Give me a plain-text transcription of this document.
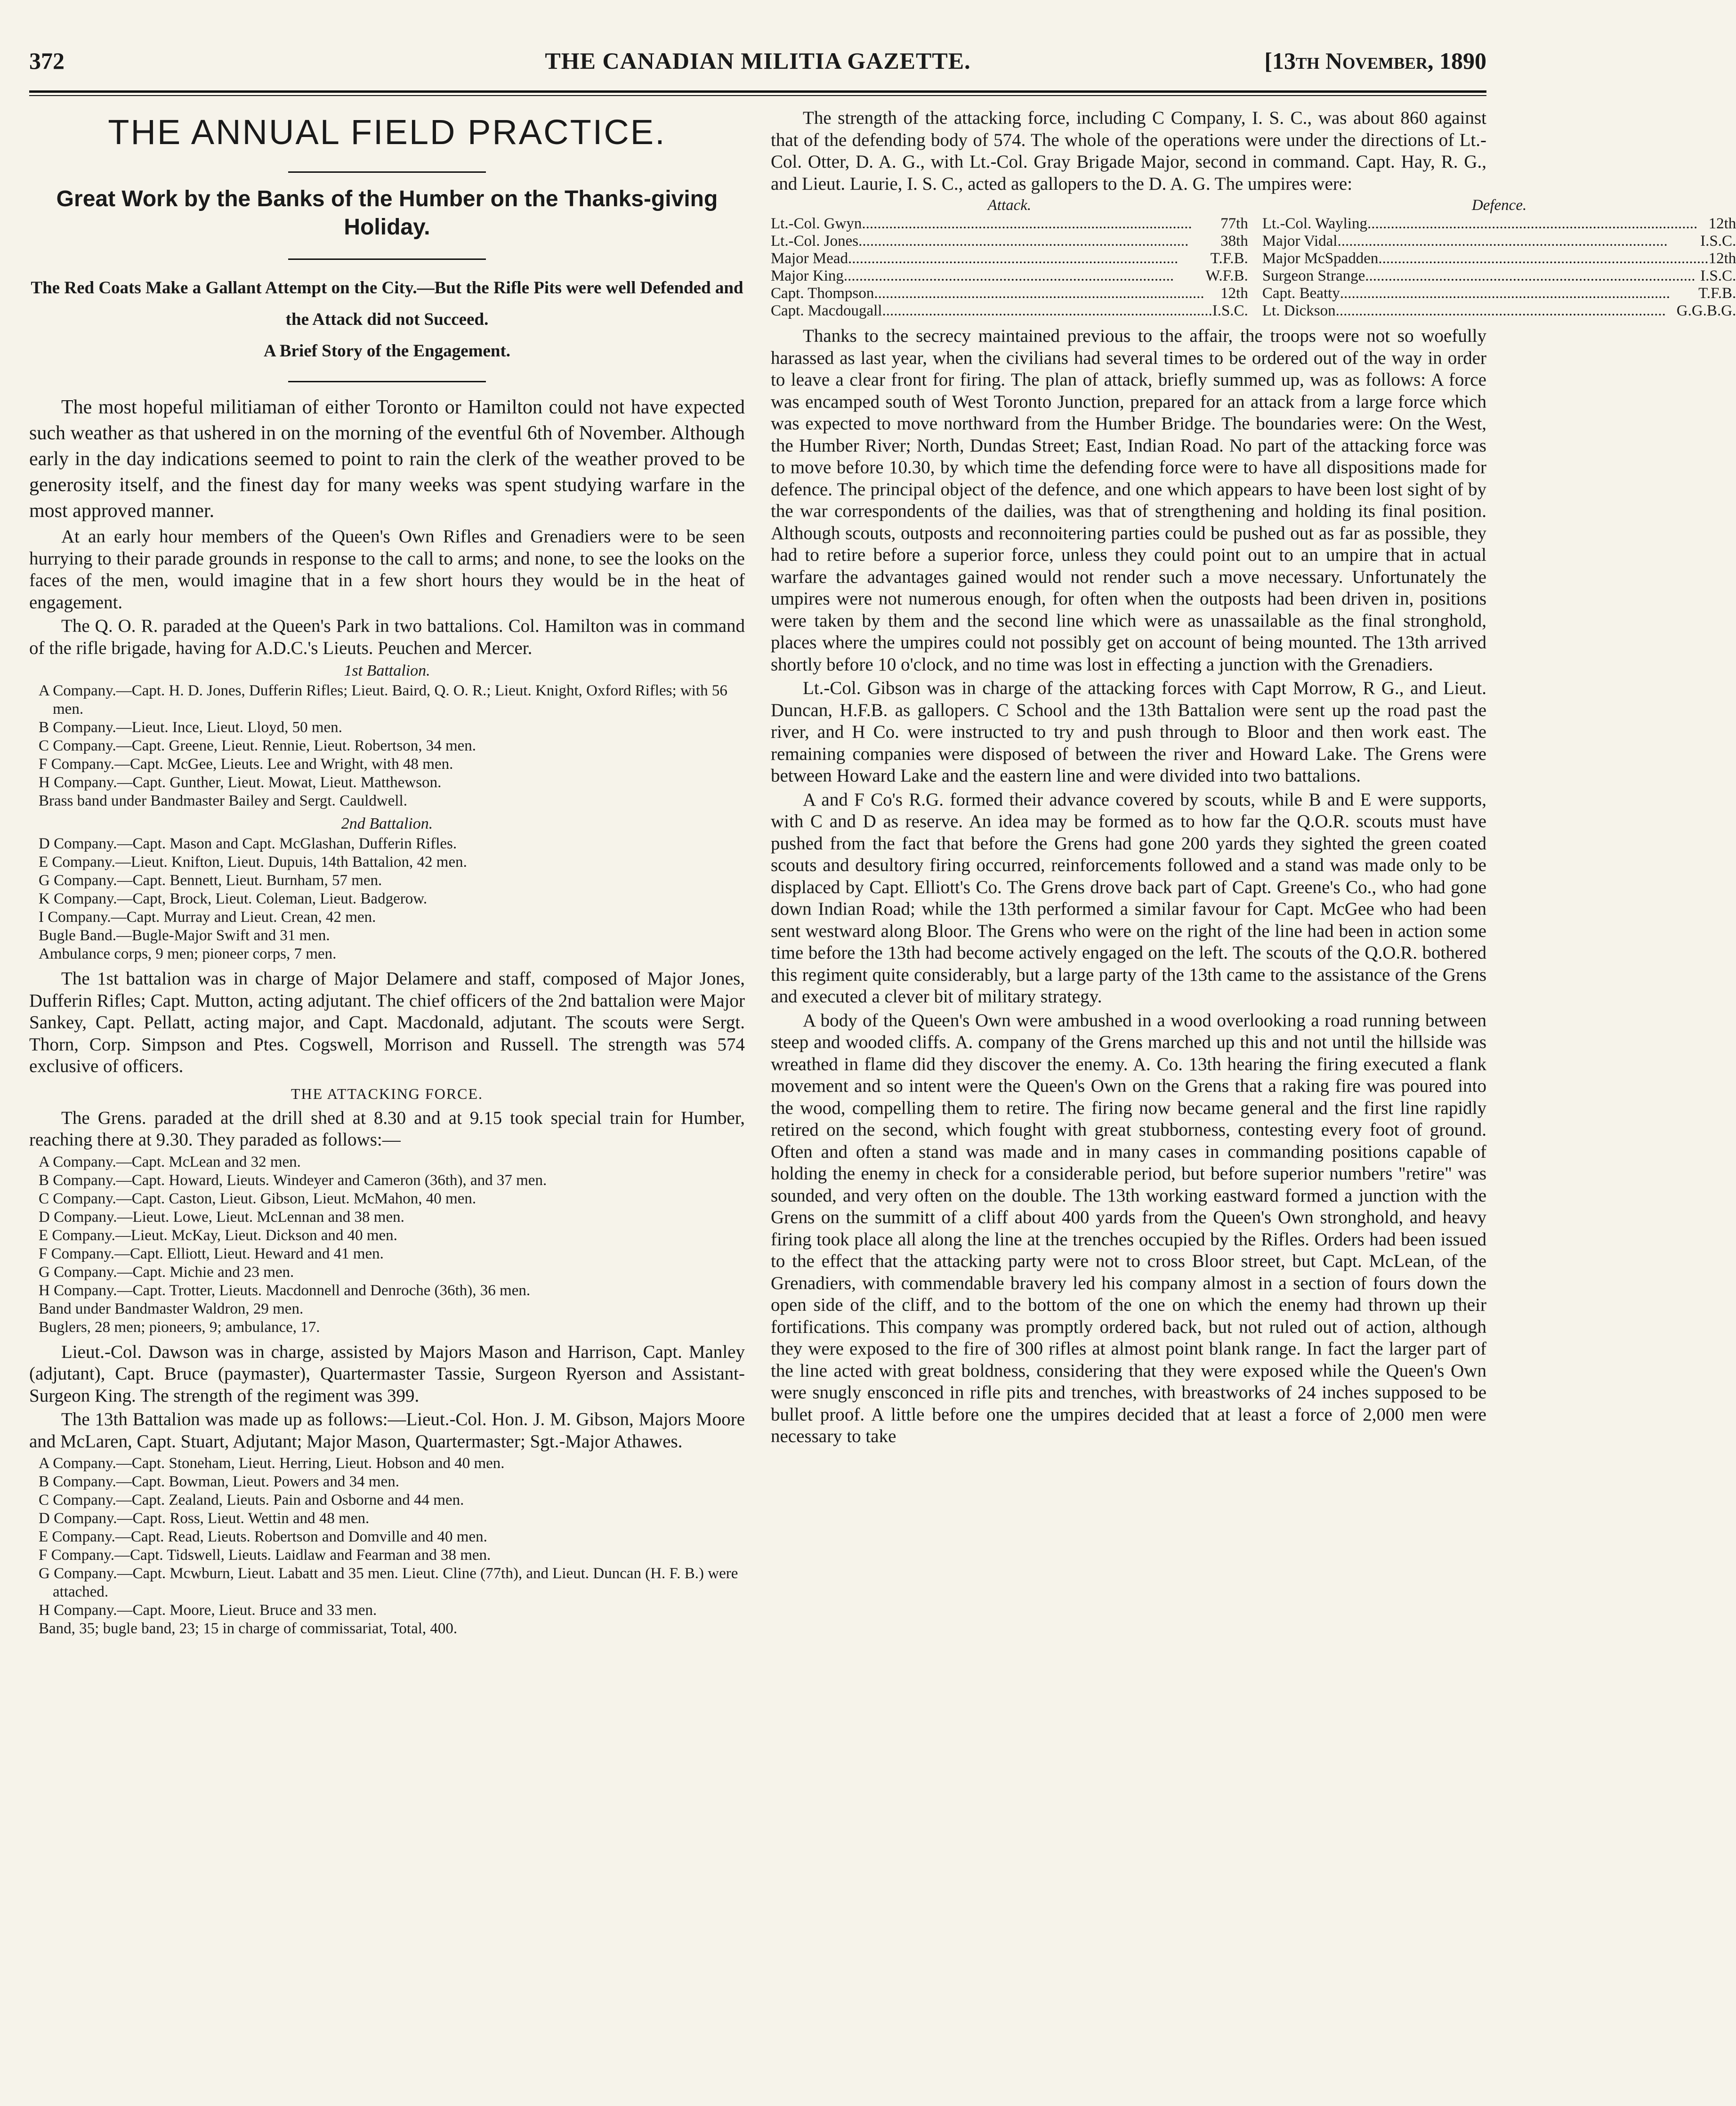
372	THE CANADIAN MILITIA GAZETTE.	[13th November, 1890
THE ANNUAL FIELD PRACTICE.
Great Work by the Banks of the Humber on the Thanks-giving Holiday.
The Red Coats Make a Gallant Attempt on the City.—But the Rifle Pits were well Defended and the Attack did not Succeed.
A Brief Story of the Engagement.

The most hopeful militiaman of either Toronto or Hamilton could not have expected such weather as that ushered in on the morning of the eventful 6th of November. Although early in the day indications seemed to point to rain the clerk of the weather proved to be generosity itself, and the finest day for many weeks was spent studying warfare in the most approved manner.

At an early hour members of the Queen's Own Rifles and Grenadiers were to be seen hurrying to their parade grounds in response to the call to arms; and none, to see the looks on the faces of the men, would imagine that in a few short hours they would be in the heat of engagement.

The Q. O. R. paraded at the Queen's Park in two battalions. Col. Hamilton was in command of the rifle brigade, having for A.D.C.'s Lieuts. Peuchen and Mercer.

1st Battalion.
A Company.—Capt. H. D. Jones, Dufferin Rifles; Lieut. Baird, Q. O. R.; Lieut. Knight, Oxford Rifles; with 56 men.
B Company.—Lieut. Ince, Lieut. Lloyd, 50 men.
C Company.—Capt. Greene, Lieut. Rennie, Lieut. Robertson, 34 men.
F Company.—Capt. McGee, Lieuts. Lee and Wright, with 48 men.
H Company.—Capt. Gunther, Lieut. Mowat, Lieut. Matthewson.
Brass band under Bandmaster Bailey and Sergt. Cauldwell.
2nd Battalion.
D Company.—Capt. Mason and Capt. McGlashan, Dufferin Rifles.
E Company.—Lieut. Knifton, Lieut. Dupuis, 14th Battalion, 42 men.
G Company.—Capt. Bennett, Lieut. Burnham, 57 men.
K Company.—Capt, Brock, Lieut. Coleman, Lieut. Badgerow.
I Company.—Capt. Murray and Lieut. Crean, 42 men.
Bugle Band.—Bugle-Major Swift and 31 men.
Ambulance corps, 9 men; pioneer corps, 7 men.

The 1st battalion was in charge of Major Delamere and staff, composed of Major Jones, Dufferin Rifles; Capt. Mutton, acting adjutant. The chief officers of the 2nd battalion were Major Sankey, Capt. Pellatt, acting major, and Capt. Macdonald, adjutant. The scouts were Sergt. Thorn, Corp. Simpson and Ptes. Cogswell, Morrison and Russell. The strength was 574 exclusive of officers.

THE ATTACKING FORCE.

The Grens. paraded at the drill shed at 8.30 and at 9.15 took special train for Humber, reaching there at 9.30. They paraded as follows:—

A Company.—Capt. McLean and 32 men.
B Company.—Capt. Howard, Lieuts. Windeyer and Cameron (36th), and 37 men.
C Company.—Capt. Caston, Lieut. Gibson, Lieut. McMahon, 40 men.
D Company.—Lieut. Lowe, Lieut. McLennan and 38 men.
E Company.—Lieut. McKay, Lieut. Dickson and 40 men.
F Company.—Capt. Elliott, Lieut. Heward and 41 men.
G Company.—Capt. Michie and 23 men.
H Company.—Capt. Trotter, Lieuts. Macdonnell and Denroche (36th), 36 men.
Band under Bandmaster Waldron, 29 men.
Buglers, 28 men; pioneers, 9; ambulance, 17.

Lieut.-Col. Dawson was in charge, assisted by Majors Mason and Harrison, Capt. Manley (adjutant), Capt. Bruce (paymaster), Quartermaster Tassie, Surgeon Ryerson and Assistant-Surgeon King. The strength of the regiment was 399.

The 13th Battalion was made up as follows:—Lieut.-Col. Hon. J. M. Gibson, Majors Moore and McLaren, Capt. Stuart, Adjutant; Major Mason, Quartermaster; Sgt.-Major Athawes.

A Company.—Capt. Stoneham, Lieut. Herring, Lieut. Hobson and 40 men.
B Company.—Capt. Bowman, Lieut. Powers and 34 men.
C Company.—Capt. Zealand, Lieuts. Pain and Osborne and 44 men.
D Company.—Capt. Ross, Lieut. Wettin and 48 men.
E Company.—Capt. Read, Lieuts. Robertson and Domville and 40 men.
F Company.—Capt. Tidswell, Lieuts. Laidlaw and Fearman and 38 men.
G Company.—Capt. Mcwburn, Lieut. Labatt and 35 men. Lieut. Cline (77th), and Lieut. Duncan (H. F. B.) were attached.
H Company.—Capt. Moore, Lieut. Bruce and 33 men.
Band, 35; bugle band, 23; 15 in charge of commissariat, Total, 400.

The strength of the attacking force, including C Company, I. S. C., was about 860 against that of the defending body of 574. The whole of the operations were under the directions of Lt.-Col. Otter, D. A. G., with Lt.-Col. Gray Brigade Major, second in command. Capt. Hay, R. G., and Lieut. Laurie, I. S. C., acted as gallopers to the D. A. G. The umpires were:

Attack.
Lt.-Col. Gwyn .....	77th
Lt.-Col. Jones .....	38th
Major Mead .....	T.F.B.
Major King .....	W.F.B.
Capt. Thompson .....	12th
Capt. Macdougall .....	I.S.C.
Defence.
Lt.-Col. Wayling .....	12th
Major Vidal .....	I.S.C.
Major McSpadden .....	12th
Surgeon Strange .....	I.S.C.
Capt. Beatty .....	T.F.B.
Lt. Dickson .....	G.G.B.G.

Thanks to the secrecy maintained previous to the affair, the troops were not so woefully harassed as last year, when the civilians had several times to be ordered out of the way in order to leave a clear front for firing. The plan of attack, briefly summed up, was as follows: A force was encamped south of West Toronto Junction, prepared for an attack from a large force which was expected to move northward from the Humber Bridge. The boundaries were: On the West, the Humber River; North, Dundas Street; East, Indian Road. No part of the attacking force was to move before 10.30, by which time the defending force were to have all dispositions made for defence. The principal object of the defence, and one which appears to have been lost sight of by the war correspondents of the dailies, was that of strengthening and holding its final position. Although scouts, outposts and reconnoitering parties could be pushed out as far as possible, they had to retire before a superior force, unless they could point out to an umpire that in actual warfare the advantages gained would not render such a move necessary. Unfortunately the umpires were not numerous enough, for often when the outposts had been driven in, positions were taken by them and the second line which were as unassailable as the final stronghold, places where the umpires could not possibly get on account of being mounted. The 13th arrived shortly before 10 o'clock, and no time was lost in effecting a junction with the Grenadiers.

Lt.-Col. Gibson was in charge of the attacking forces with Capt Morrow, R G., and Lieut. Duncan, H.F.B. as gallopers. C School and the 13th Battalion were sent up the road past the river, and H Co. were instructed to try and push through to Bloor and then work east. The remaining companies were disposed of between the river and Howard Lake. The Grens were between Howard Lake and the eastern line and were divided into two battalions.

A and F Co's R.G. formed their advance covered by scouts, while B and E were supports, with C and D as reserve. An idea may be formed as to how far the Q.O.R. scouts must have pushed from the fact that before the Grens had gone 200 yards they sighted the green coated scouts and desultory firing occurred, reinforcements followed and a stand was made only to be displaced by Capt. Elliott's Co. The Grens drove back part of Capt. Greene's Co., who had gone down Indian Road; while the 13th performed a similar favour for Capt. McGee who had been sent westward along Bloor. The Grens who were on the right of the line had been in action some time before the 13th had become actively engaged on the left. The scouts of the Q.O.R. bothered this regiment quite considerably, but a large party of the 13th came to the assistance of the Grens and executed a clever bit of military strategy.

A body of the Queen's Own were ambushed in a wood overlooking a road running between steep and wooded cliffs. A. company of the Grens marched up this and not until the hillside was wreathed in flame did they discover the enemy. A. Co. 13th hearing the firing executed a flank movement and so intent were the Queen's Own on the Grens that a raking fire was poured into the wood, compelling them to retire. The firing now became general and the first line rapidly retired on the second, which fought with great stubborness, contesting every foot of ground. Often and often a stand was made and in many cases in commanding positions capable of holding the enemy in check for a considerable period, but before superior numbers "retire" was sounded, and very often on the double. The 13th working eastward formed a junction with the Grens on the summitt of a cliff about 400 yards from the Queen's Own stronghold, and heavy firing took place all along the line at the trenches occupied by the Rifles. Orders had been issued to the effect that the attacking party were not to cross Bloor street, but Capt. McLean, of the Grenadiers, with commendable bravery led his company almost in a section of fours down the open side of the cliff, and to the bottom of the one on which the enemy had thrown up their fortifications. This company was promptly ordered back, but not ruled out of action, although they were exposed to the fire of 300 rifles at almost point blank range. In fact the larger part of the line acted with great boldness, considering that they were exposed while the Queen's Own were snugly ensconced in rifle pits and trenches, with breastworks of 24 inches supposed to be bullet proof. A little before one the umpires decided that at least a force of 2,000 men were necessary to take
